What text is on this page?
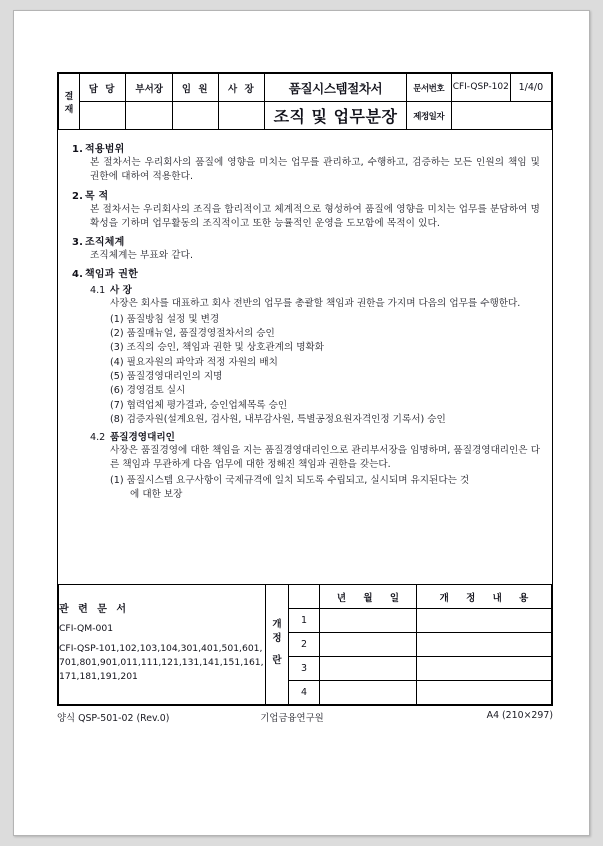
결
재	담 당	부서장	임 원	사 장	품질시스템절차서	문서번호	CFI-QSP-102	1/4/0
					조직 및 업무분장	제정일자		
1. 적용범위

본 절차서는 우리회사의 품질에 영향을 미치는 업무를 관리하고, 수행하고, 검증하는 모든 인원의 책임 및 권한에 대하여 적용한다.

2. 목 적

본 절차서는 우리회사의 조직을 합리적이고 체계적으로 형성하여 품질에 영향을 미치는 업무를 분담하여 명확성을 기하며 업무활동의 조직적이고 또한 능률적인 운영을 도모함에 목적이 있다.

3. 조직체계

조직체계는 부표와 같다.

4. 책임과 권한
4.1 사 장

사장은 회사를 대표하고 회사 전반의 업무를 총괄할 책임과 권한을 가지며 다음의 업무를 수행한다.

(1) 품질방침 설정 및 변경

(2) 품질매뉴얼, 품질경영절차서의 승인

(3) 조직의 승인, 책임과 권한 및 상호관계의 명확화

(4) 필요자원의 파악과 적정 자원의 배치

(5) 품질경영대리인의 지명

(6) 경영검토 실시

(7) 협력업체 평가결과, 승인업체목록 승인

(8) 검증자원(설계요원, 검사원, 내부감사원, 특별공정요원자격인정 기록서) 승인

4.2 품질경영대리인

사장은 품질경영에 대한 책임을 지는 품질경영대리인으로 관리부서장을 임명하며, 품질경영대리인은 다른 책임과 무관하게 다음 업무에 대한 정해진 책임과 권한을 갖는다.

(1) 품질시스템 요구사항이 국제규격에 일치 되도록 수립되고, 실시되며 유지된다는 것

에 대한 보장

관 련 문 서
CFI-QM-001
CFI-QSP-101,102,103,104,301,401,501,601,701,801,901,011,111,121,131,141,151,161,171,181,191,201

개
정
란
		년 월 일	개 정 내 용
		1		
		2		
		3		
		4		
양식 QSP-501-02 (Rev.0)	기업금융연구원	A4 (210×297)
